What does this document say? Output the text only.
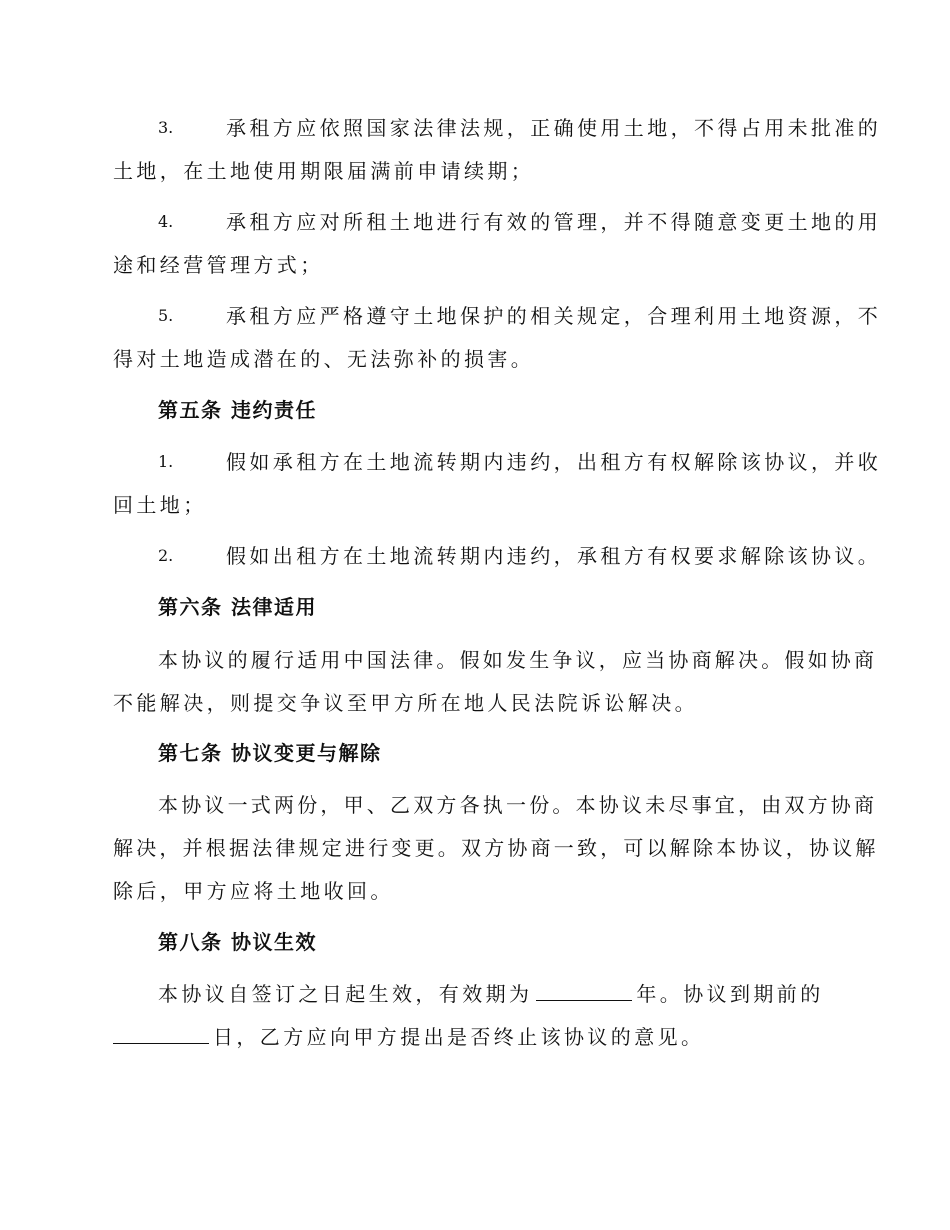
3.	承租方应依照国家法律法规，正确使用土地，不得占用未批准的
土地，在土地使用期限届满前申请续期；
4.	承租方应对所租土地进行有效的管理，并不得随意变更土地的用
途和经营管理方式；
5.	承租方应严格遵守土地保护的相关规定，合理利用土地资源，不
得对土地造成潜在的、无法弥补的损害。
第五条 违约责任
1.	假如承租方在土地流转期内违约，出租方有权解除该协议，并收
回土地；
2.	假如出租方在土地流转期内违约，承租方有权要求解除该协议。
第六条 法律适用
本协议的履行适用中国法律。假如发生争议，应当协商解决。假如协商
不能解决，则提交争议至甲方所在地人民法院诉讼解决。
第七条 协议变更与解除
本协议一式两份，甲、乙双方各执一份。本协议未尽事宜，由双方协商
解决，并根据法律规定进行变更。双方协商一致，可以解除本协议，协议解
除后，甲方应将土地收回。
第八条 协议生效
本协议自签订之日起生效，有效期为	年。协议到期前的
日，乙方应向甲方提出是否终止该协议的意见。
